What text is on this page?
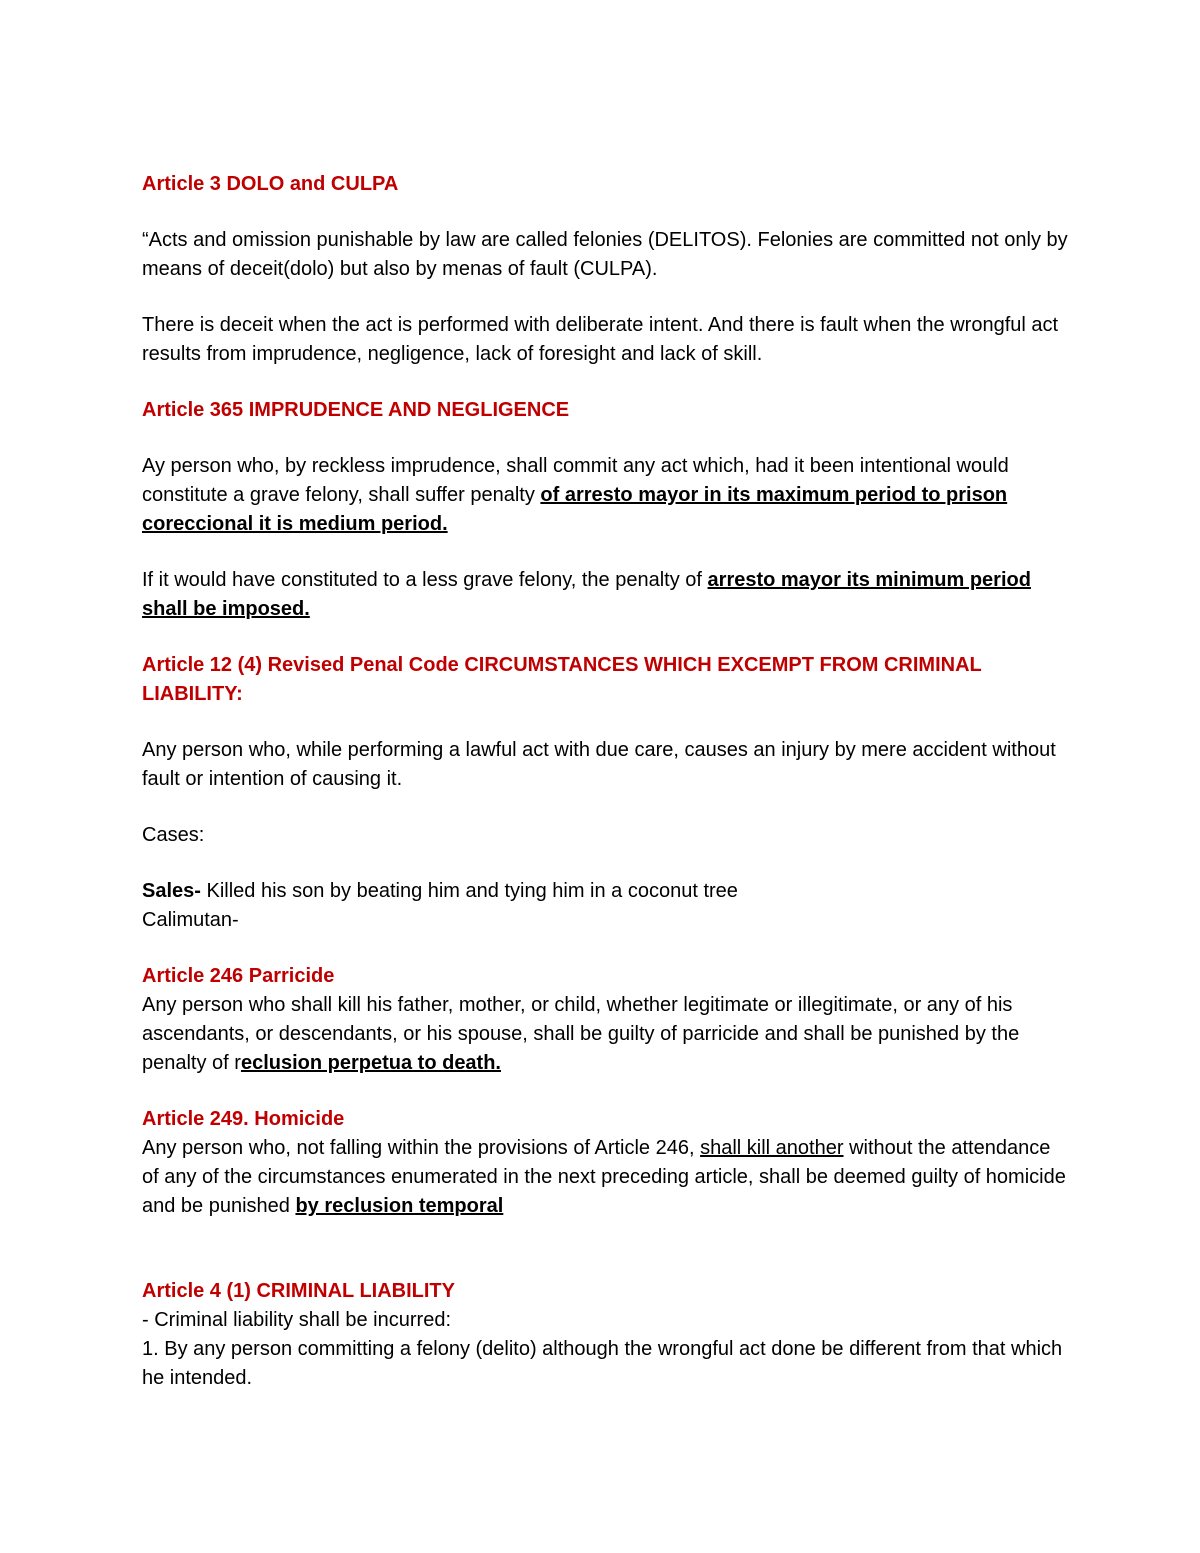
Article 3 DOLO and CULPA

“Acts and omission punishable by law are called felonies (DELITOS). Felonies are committed not only by means of deceit(dolo) but also by menas of fault (CULPA).

There is deceit when the act is performed with deliberate intent. And there is fault when the wrongful act results from imprudence, negligence, lack of foresight and lack of skill.

Article 365 IMPRUDENCE AND NEGLIGENCE

Ay person who, by reckless imprudence, shall commit any act which, had it been intentional would constitute a grave felony, shall suffer penalty of arresto mayor in its maximum period to prison coreccional it is medium period.

If it would have constituted to a less grave felony, the penalty of arresto mayor its minimum period shall be imposed.

Article 12 (4) Revised Penal Code CIRCUMSTANCES WHICH EXCEMPT FROM CRIMINAL LIABILITY:

Any person who, while performing a lawful act with due care, causes an injury by mere accident without fault or intention of causing it.

Cases:

Sales- Killed his son by beating him and tying him in a coconut tree

Calimutan-

Article 246 Parricide

Any person who shall kill his father, mother, or child, whether legitimate or illegitimate, or any of his ascendants, or descendants, or his spouse, shall be guilty of parricide and shall be punished by the penalty of reclusion perpetua to death.

Article 249. Homicide

Any person who, not falling within the provisions of Article 246, shall kill another without the attendance of any of the circumstances enumerated in the next preceding article, shall be deemed guilty of homicide and be punished by reclusion temporal

Article 4 (1) CRIMINAL LIABILITY

- Criminal liability shall be incurred:

1. By any person committing a felony (delito) although the wrongful act done be different from that which he intended.
